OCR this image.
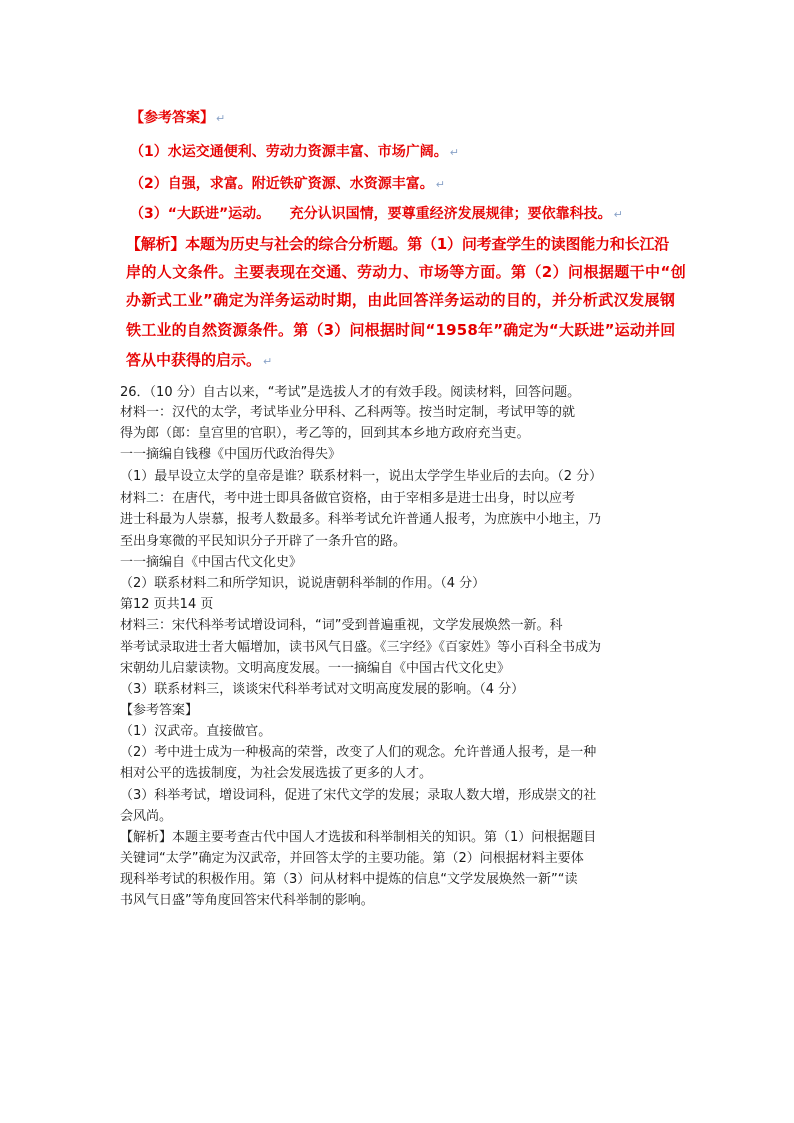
【参考答案】 ↵
（1）水运交通便利、劳动力资源丰富、市场广阔。 ↵
（2）自强，求富。附近铁矿资源、水资源丰富。 ↵
（3）“大跃进”运动。    充分认识国情，要尊重经济发展规律；要依靠科技。 ↵
【解析】本题为历史与社会的综合分析题。第（1）问考查学生的读图能力和长江沿
岸的人文条件。主要表现在交通、劳动力、市场等方面。第（2）问根据题干中“创
办新式工业”确定为洋务运动时期，由此回答洋务运动的目的，并分析武汉发展钢
铁工业的自然资源条件。第（3）问根据时间“1958年”确定为“大跃进”运动并回
答从中获得的启示。 ↵
26．（10 分）自古以来，“考试”是选拔人才的有效手段。阅读材料，回答问题。
材料一：汉代的太学，考试毕业分甲科、乙科两等。按当时定制，考试甲等的就
得为郎（郎：皇宫里的官职），考乙等的，回到其本乡地方政府充当吏。
一一摘编自钱穆《中国历代政治得失》
（1）最早设立太学的皇帝是谁？联系材料一，说出太学学生毕业后的去向。（2 分）
材料二：在唐代，考中进士即具备做官资格，由于宰相多是进士出身，时以应考
进士科最为人崇慕，报考人数最多。科举考试允许普通人报考，为庶族中小地主，乃
至出身寒微的平民知识分子开辟了一条升官的路。
一一摘编自《中国古代文化史》
（2）联系材料二和所学知识，说说唐朝科举制的作用。（4 分）
第12 页共14 页
材料三：宋代科举考试增设词科，“词”受到普遍重视，文学发展焕然一新。科
举考试录取进士者大幅增加，读书风气日盛。《三字经》《百家姓》等小百科全书成为
宋朝幼儿启蒙读物。文明高度发展。一一摘编自《中国古代文化史》
（3）联系材料三，谈谈宋代科举考试对文明高度发展的影响。（4 分）
【参考答案】
（1）汉武帝。直接做官。
（2）考中进士成为一种极高的荣誉，改变了人们的观念。允许普通人报考，是一种
相对公平的选拔制度，为社会发展选拔了更多的人才。
（3）科举考试，增设词科，促进了宋代文学的发展；录取人数大增，形成崇文的社
会风尚。
【解析】本题主要考查古代中国人才选拔和科举制相关的知识。第（1）问根据题目
关键词“太学”确定为汉武帝，并回答太学的主要功能。第（2）问根据材料主要体
现科举考试的积极作用。第（3）问从材料中提炼的信息“文学发展焕然一新”“读
书风气日盛”等角度回答宋代科举制的影响。
